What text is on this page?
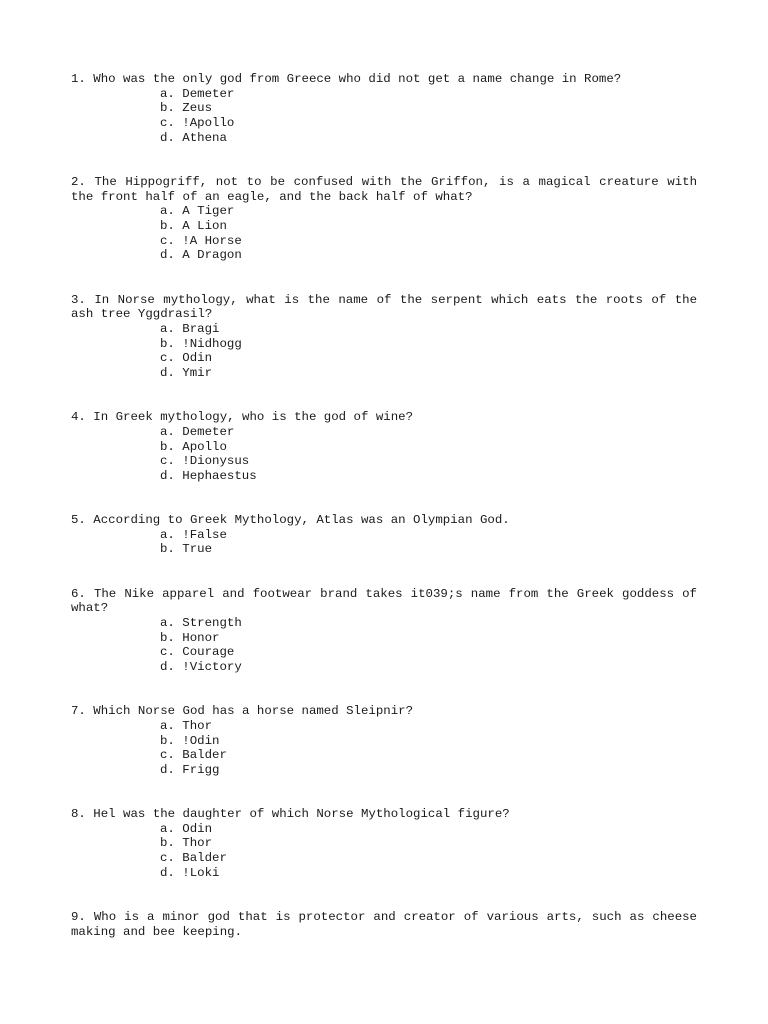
1. Who was the only god from Greece who did not get a name change in Rome?
a. Demeter
b. Zeus
c. !Apollo
d. Athena
2. The Hippogriff, not to be confused with the Griffon, is a magical creature with the front half of an eagle, and the back half of what?
a. A Tiger
b. A Lion
c. !A Horse
d. A Dragon
3. In Norse mythology, what is the name of the serpent which eats the roots of the ash tree Yggdrasil?
a. Bragi
b. !Nidhogg
c. Odin
d. Ymir
4. In Greek mythology, who is the god of wine?
a. Demeter
b. Apollo
c. !Dionysus
d. Hephaestus
5. According to Greek Mythology, Atlas was an Olympian God.
a. !False
b. True
6. The Nike apparel and footwear brand takes it039;s name from the Greek goddess of what?
a. Strength
b. Honor
c. Courage
d. !Victory
7. Which Norse God has a horse named Sleipnir?
a. Thor
b. !Odin
c. Balder
d. Frigg
8. Hel was the daughter of which Norse Mythological figure?
a. Odin
b. Thor
c. Balder
d. !Loki
9. Who is a minor god that is protector and creator of various arts, such as cheese making and bee keeping.
